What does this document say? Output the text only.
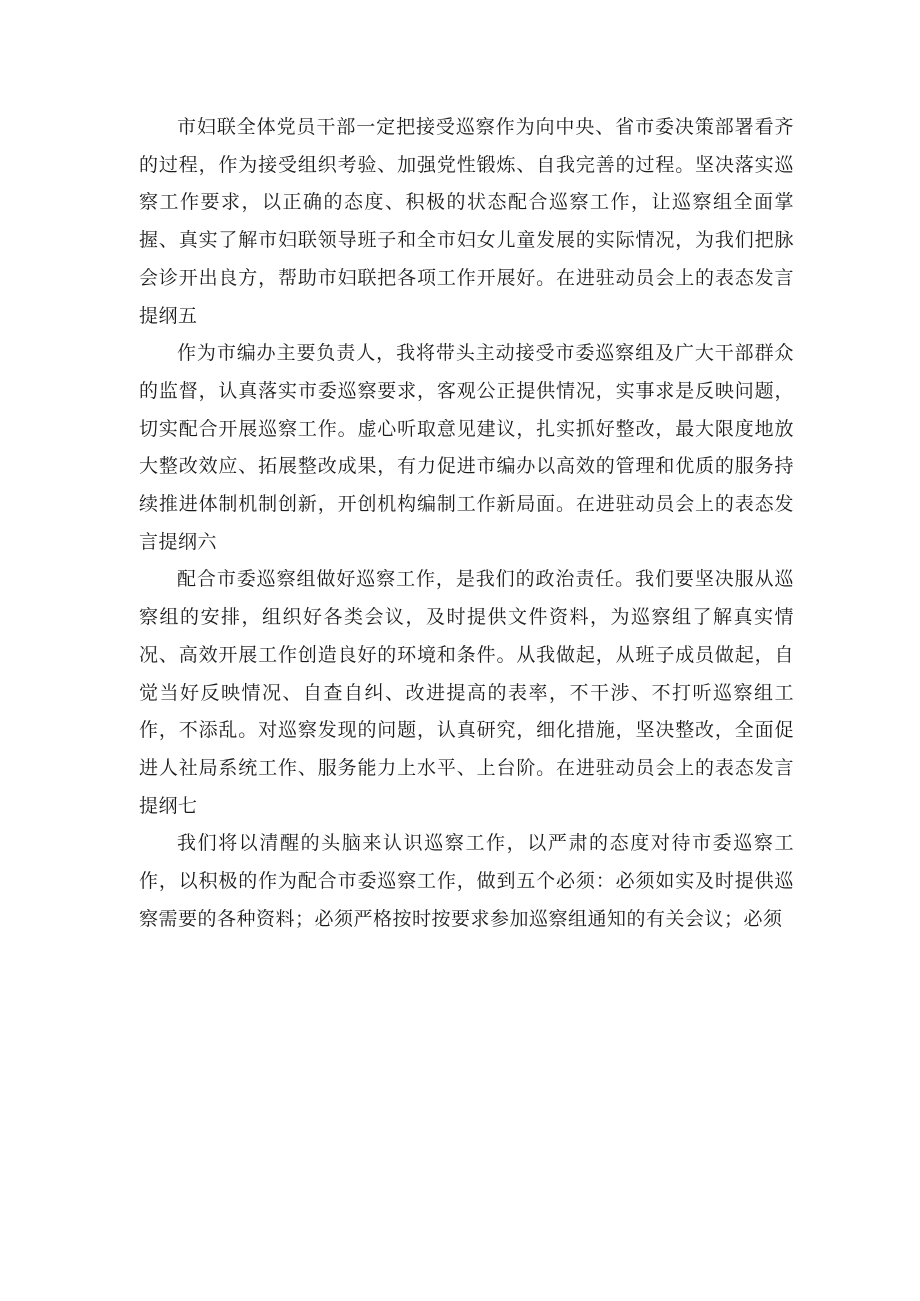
市妇联全体党员干部一定把接受巡察作为向中央、省市委决策部署看齐的过程，作为接受组织考验、加强党性锻炼、自我完善的过程。坚决落实巡察工作要求，以正确的态度、积极的状态配合巡察工作，让巡察组全面掌握、真实了解市妇联领导班子和全市妇女儿童发展的实际情况，为我们把脉会诊开出良方，帮助市妇联把各项工作开展好。在进驻动员会上的表态发言提纲五

作为市编办主要负责人，我将带头主动接受市委巡察组及广大干部群众的监督，认真落实市委巡察要求，客观公正提供情况，实事求是反映问题，切实配合开展巡察工作。虚心听取意见建议，扎实抓好整改，最大限度地放大整改效应、拓展整改成果，有力促进市编办以高效的管理和优质的服务持续推进体制机制创新，开创机构编制工作新局面。在进驻动员会上的表态发言提纲六

配合市委巡察组做好巡察工作，是我们的政治责任。我们要坚决服从巡察组的安排，组织好各类会议，及时提供文件资料，为巡察组了解真实情况、高效开展工作创造良好的环境和条件。从我做起，从班子成员做起，自觉当好反映情况、自查自纠、改进提高的表率，不干涉、不打听巡察组工作，不添乱。对巡察发现的问题，认真研究，细化措施，坚决整改，全面促进人社局系统工作、服务能力上水平、上台阶。在进驻动员会上的表态发言提纲七

我们将以清醒的头脑来认识巡察工作，以严肃的态度对待市委巡察工作，以积极的作为配合市委巡察工作，做到五个必须：必须如实及时提供巡察需要的各种资料；必须严格按时按要求参加巡察组通知的有关会议；必须
